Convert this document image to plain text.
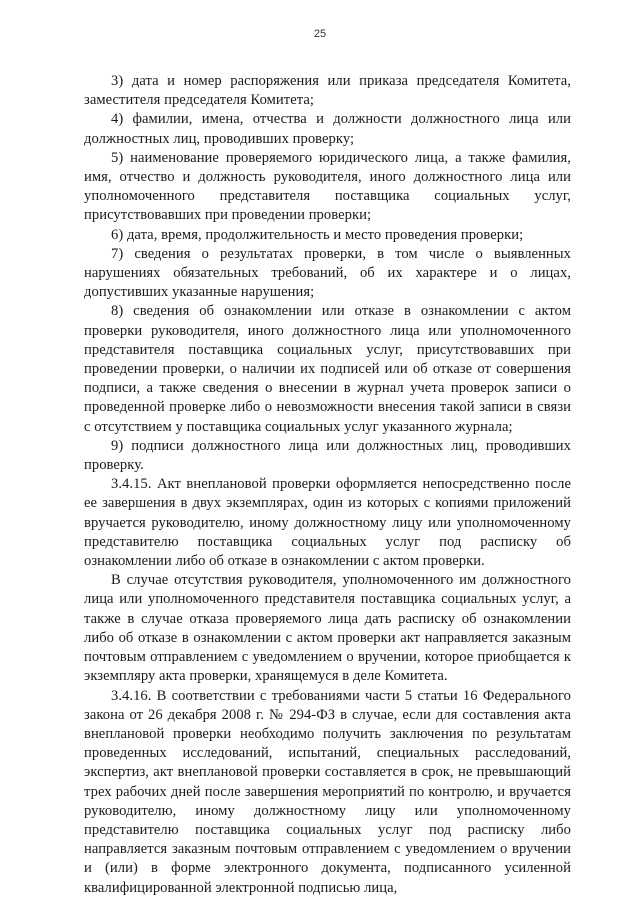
25

3) дата и номер распоряжения или приказа председателя Комитета, заместителя председателя Комитета;

4) фамилии, имена, отчества и должности должностного лица или должностных лиц, проводивших проверку;

5) наименование проверяемого юридического лица, а также фамилия, имя, отчество и должность руководителя, иного должностного лица или уполномоченного представителя поставщика социальных услуг, присутствовавших при проведении проверки;

6) дата, время, продолжительность и место проведения проверки;

7) сведения о результатах проверки, в том числе о выявленных нарушениях обязательных требований, об их характере и о лицах, допустивших указанные нарушения;

8) сведения об ознакомлении или отказе в ознакомлении с актом проверки руководителя, иного должностного лица или уполномоченного представителя поставщика социальных услуг, присутствовавших при проведении проверки, о наличии их подписей или об отказе от совершения подписи, а также сведения о внесении в журнал учета проверок записи о проведенной проверке либо о невозможности внесения такой записи в связи с отсутствием у поставщика социальных услуг указанного журнала;

9) подписи должностного лица или должностных лиц, проводивших проверку.

3.4.15. Акт внеплановой проверки оформляется непосредственно после ее завершения в двух экземплярах, один из которых с копиями приложений вручается руководителю, иному должностному лицу или уполномоченному представителю поставщика социальных услуг под расписку об ознакомлении либо об отказе в ознакомлении с актом проверки.

В случае отсутствия руководителя, уполномоченного им должностного лица или уполномоченного представителя поставщика социальных услуг, а также в случае отказа проверяемого лица дать расписку об ознакомлении либо об отказе в ознакомлении с актом проверки акт направляется заказным почтовым отправлением с уведомлением о вручении, которое приобщается к экземпляру акта проверки, хранящемуся в деле Комитета.

3.4.16. В соответствии с требованиями части 5 статьи 16 Федерального закона от 26 декабря 2008 г. № 294-ФЗ в случае, если для составления акта внеплановой проверки необходимо получить заключения по результатам проведенных исследований, испытаний, специальных расследований, экспертиз, акт внеплановой проверки составляется в срок, не превышающий трех рабочих дней после завершения мероприятий по контролю, и вручается руководителю, иному должностному лицу или уполномоченному представителю поставщика социальных услуг под расписку либо направляется заказным почтовым отправлением с уведомлением о вручении и (или) в форме электронного документа, подписанного усиленной квалифицированной электронной подписью лица,
